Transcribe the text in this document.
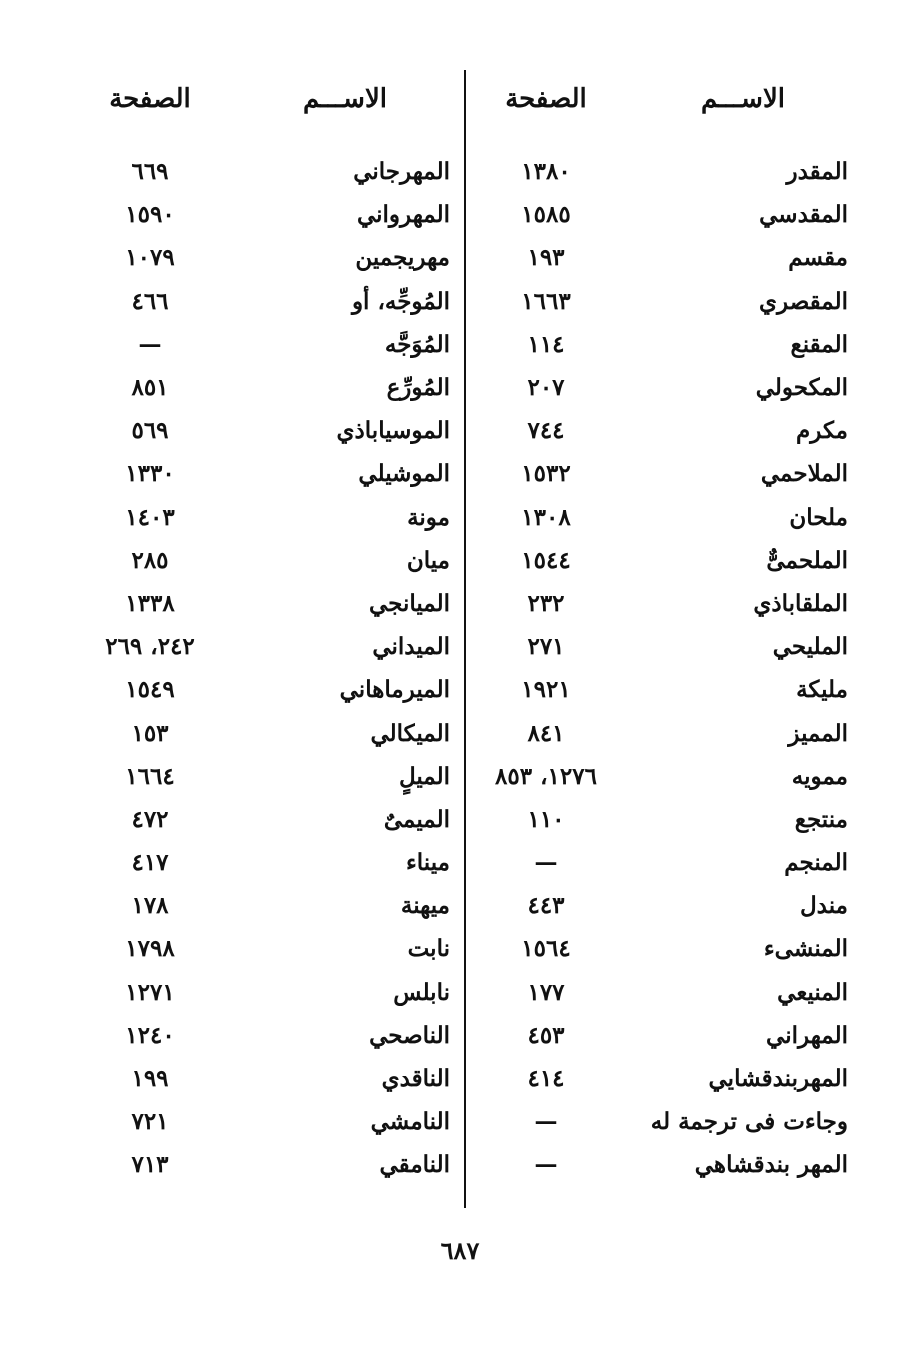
الاســـم
الصفحة
المقدر
١٣٨٠
المقدسي
١٥٨٥
مقسم
١٩٣
المقصري
١٦٦٣
المقنع
١١٤
المكحولي
٢٠٧
مكرم
٧٤٤
الملاحمي
١٥٣٢
ملحان
١٣٠٨
الملحمىٌّ
١٥٤٤
الملقاباذي
٢٣٢
المليحي
٢٧١
مليكة
١٩٢١
المميز
٨٤١
ممويه
١٢٧٦، ٨٥٣
منتجع
١١٠
المنجم
—
مندل
٤٤٣
المنشىء
١٥٦٤
المنيعي
١٧٧
المهراني
٤٥٣
المهربندقشايي
٤١٤
وجاءت فى ترجمة له
—
المهر بندقشاهي
—
الاســـم
الصفحة
المهرجاني
٦٦٩
المهرواني
١٥٩٠
مهريجمين
١٠٧٩
المُوجِّه، أو
٤٦٦
المُوَجَّه
—
المُورِّع
٨٥١
الموسياباذي
٥٦٩
الموشيلي
١٣٣٠
مونة
١٤٠٣
ميان
٢٨٥
الميانجي
١٣٣٨
الميداني
٢٤٢، ٢٦٩
الميرماهاني
١٥٤٩
الميكالي
١٥٣
الميلٍ
١٦٦٤
الميمىٌ
٤٧٢
ميناء
٤١٧
ميهنة
١٧٨
نابت
١٧٩٨
نابلس
١٢٧١
الناصحي
١٢٤٠
الناقدي
١٩٩
النامشي
٧٢١
النامقي
٧١٣
٦٨٧
